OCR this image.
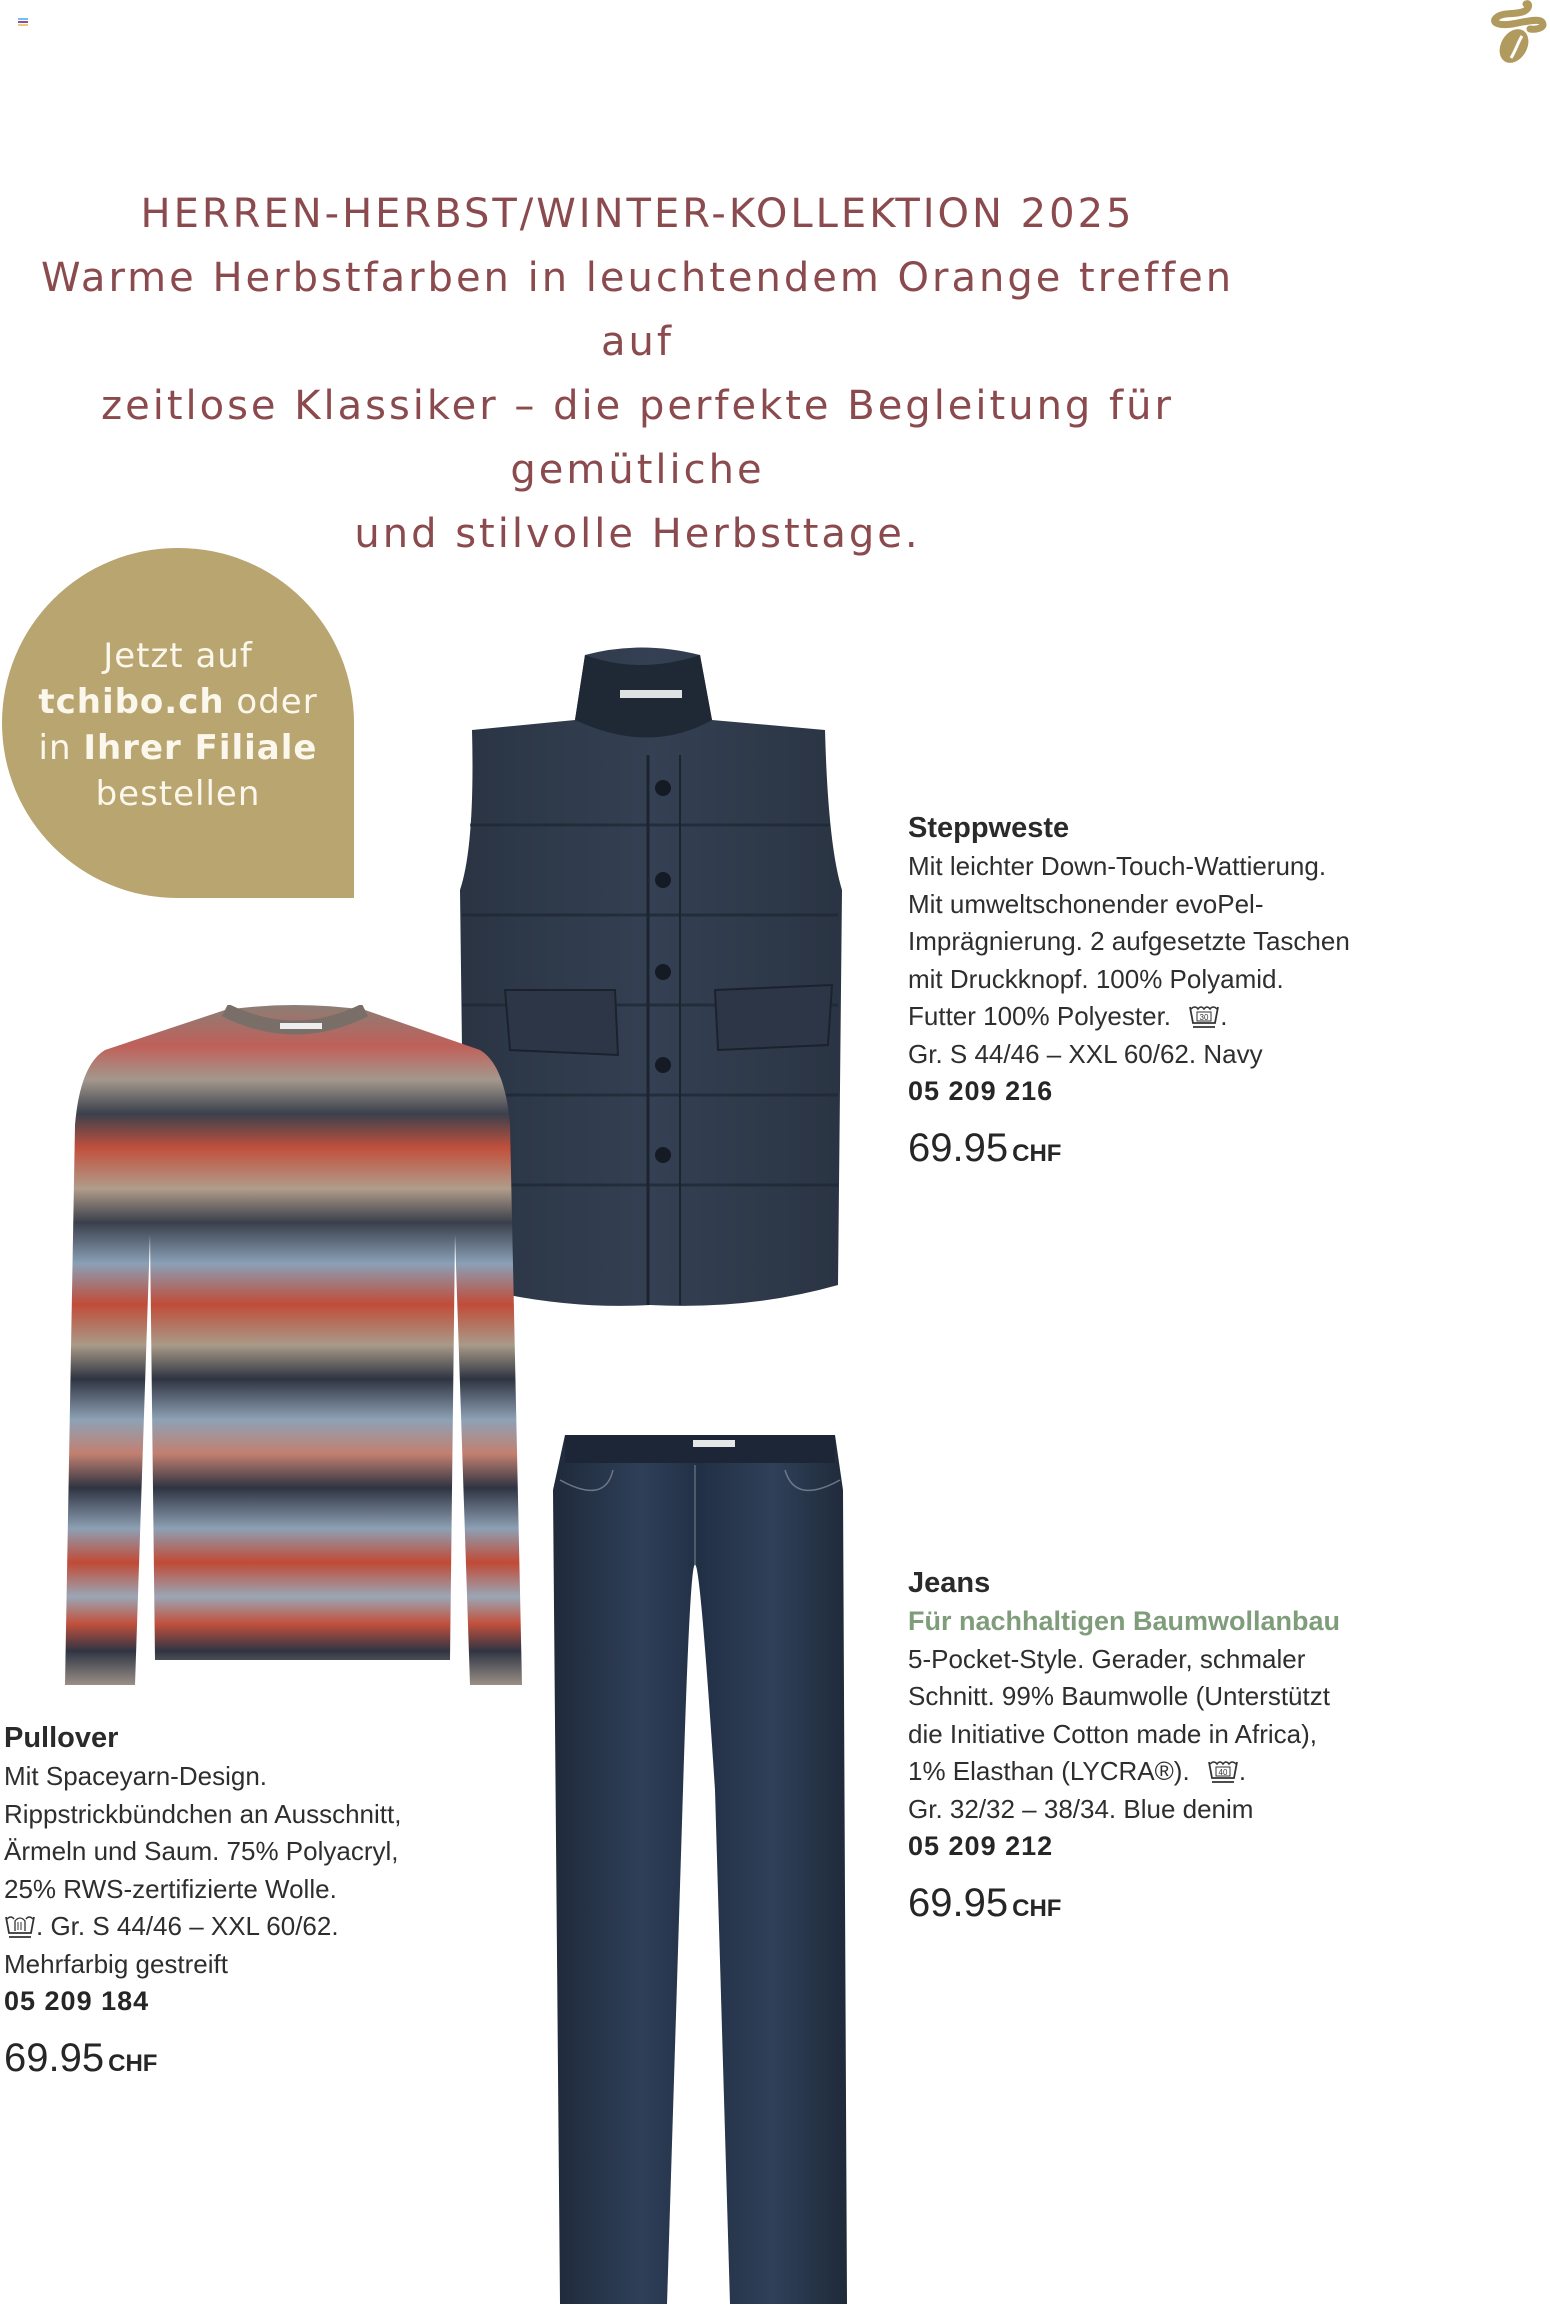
HERREN-HERBST/WINTER-KOLLEKTION 2025
Warme Herbstfarben in leuchtendem Orange treffen auf
zeitlose Klassiker – die perfekte Begleitung für gemütliche
und stilvolle Herbsttage.
Jetzt auf
tchibo.ch oder
in Ihrer Filiale
bestellen
Steppweste
Mit leichter Down-Touch-Wattierung.
Mit umweltschonender evoPel-
Imprägnierung. 2 aufgesetzte Taschen
mit Druckknopf. 100% Polyamid.
Futter 100% Polyester.	30 .
Gr. S 44/46 – XXL 60/62. Navy
05 209 216
69.95 CHF
Jeans
Für nachhaltigen Baumwollanbau
5-Pocket-Style. Gerader, schmaler
Schnitt. 99% Baumwolle (Unterstützt
die Initiative Cotton made in Africa),
1% Elasthan (LYCRA®).	40 .
Gr. 32/32 – 38/34. Blue denim
05 209 212
69.95 CHF
Pullover
Mit Spaceyarn-Design.
Rippstrickbündchen an Ausschnitt,
Ärmeln und Saum. 75% Polyacryl,
25% RWS-zertifizierte Wolle.
. Gr. S 44/46 – XXL 60/62.
Mehrfarbig gestreift
05 209 184
69.95 CHF
